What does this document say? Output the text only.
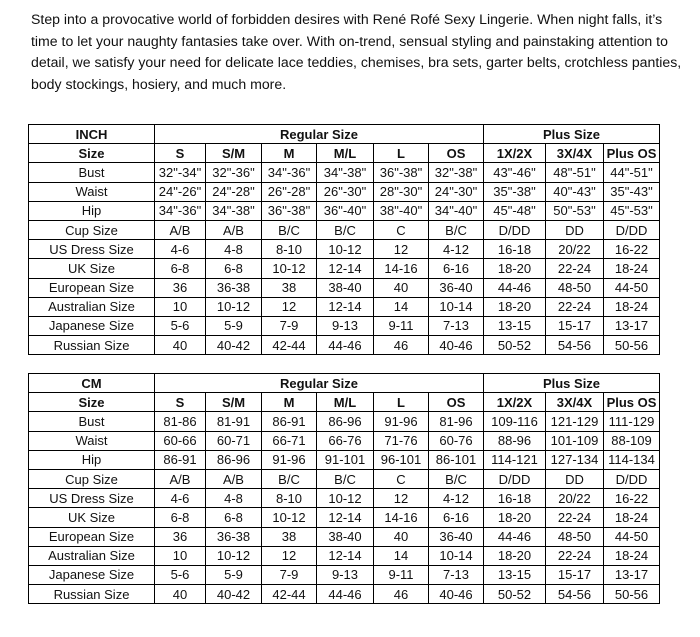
Step into a provocative world of forbidden desires with René Rofé Sexy Lingerie. When night falls, it’s

time to let your naughty fantasies take over. With on-trend, sensual styling and painstaking attention to

detail, we satisfy your need for delicate lace teddies, chemises, bra sets, garter belts, crotchless panties,

body stockings, hosiery, and much more.

INCH	Regular Size						Plus Size		
Size	S	S/M	M	M/L	L	OS	1X/2X	3X/4X	Plus OS
Bust	32"-34"	32"-36"	34"-36"	34"-38"	36"-38"	32"-38"	43"-46"	48"-51"	44"-51"
Waist	24"-26"	24"-28"	26"-28"	26"-30"	28"-30"	24"-30"	35"-38"	40"-43"	35"-43"
Hip	34"-36"	34"-38"	36"-38"	36"-40"	38"-40"	34"-40"	45"-48"	50"-53"	45"-53"
Cup Size	A/B	A/B	B/C	B/C	C	B/C	D/DD	DD	D/DD
US Dress Size	4-6	4-8	8-10	10-12	12	4-12	16-18	20/22	16-22
UK Size	6-8	6-8	10-12	12-14	14-16	6-16	18-20	22-24	18-24
European Size	36	36-38	38	38-40	40	36-40	44-46	48-50	44-50
Australian Size	10	10-12	12	12-14	14	10-14	18-20	22-24	18-24
Japanese Size	5-6	5-9	7-9	9-13	9-11	7-13	13-15	15-17	13-17
Russian Size	40	40-42	42-44	44-46	46	40-46	50-52	54-56	50-56
CM	Regular Size						Plus Size		
Size	S	S/M	M	M/L	L	OS	1X/2X	3X/4X	Plus OS
Bust	81-86	81-91	86-91	86-96	91-96	81-96	109-116	121-129	111-129
Waist	60-66	60-71	66-71	66-76	71-76	60-76	88-96	101-109	88-109
Hip	86-91	86-96	91-96	91-101	96-101	86-101	114-121	127-134	114-134
Cup Size	A/B	A/B	B/C	B/C	C	B/C	D/DD	DD	D/DD
US Dress Size	4-6	4-8	8-10	10-12	12	4-12	16-18	20/22	16-22
UK Size	6-8	6-8	10-12	12-14	14-16	6-16	18-20	22-24	18-24
European Size	36	36-38	38	38-40	40	36-40	44-46	48-50	44-50
Australian Size	10	10-12	12	12-14	14	10-14	18-20	22-24	18-24
Japanese Size	5-6	5-9	7-9	9-13	9-11	7-13	13-15	15-17	13-17
Russian Size	40	40-42	42-44	44-46	46	40-46	50-52	54-56	50-56
